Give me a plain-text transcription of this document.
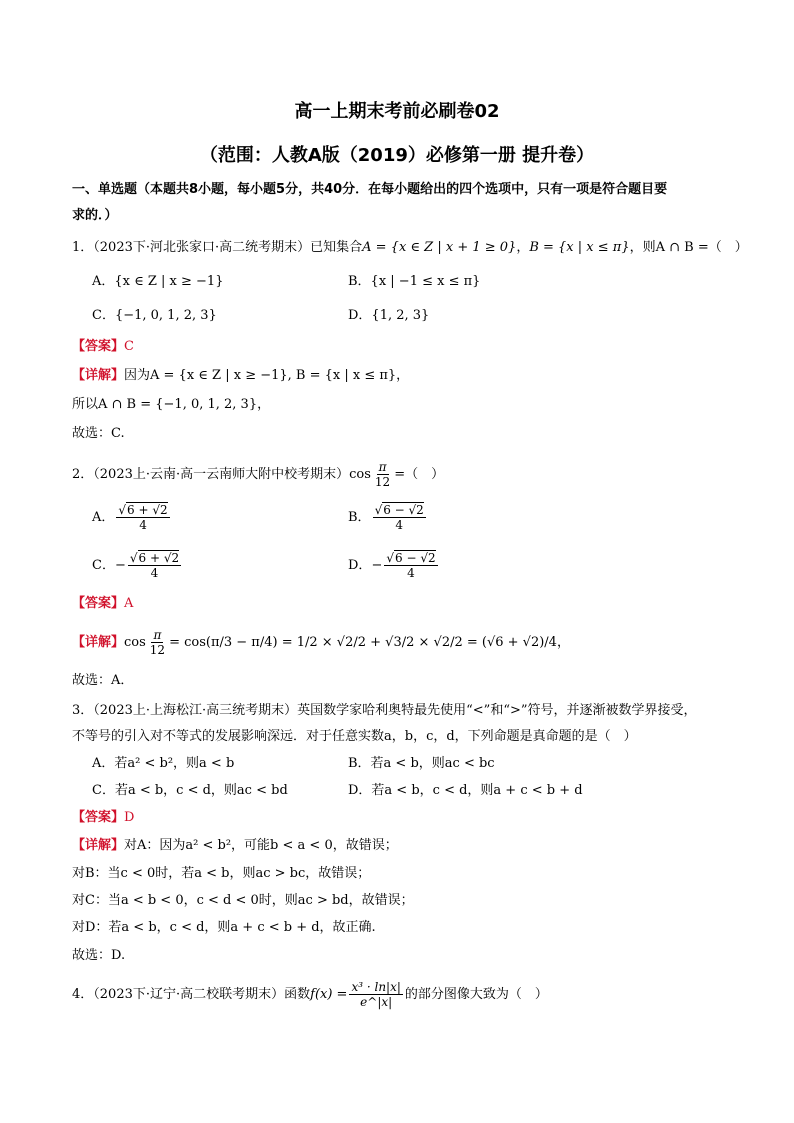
高一上期末考前必刷卷02
（范围：人教A版（2019）必修第一册 提升卷）
一、单选题（本题共8小题，每小题5分，共40分．在每小题给出的四个选项中，只有一项是符合题目要
求的．）
1．（2023下·河北张家口·高二统考期末）已知集合A = {x ∈ Z | x + 1 ≥ 0}，B = {x | x ≤ π}，则A ∩ B =（　）
A．{x ∈ Z | x ≥ −1}	B．{x | −1 ≤ x ≤ π}
C．{−1, 0, 1, 2, 3}	D．{1, 2, 3}
【答案】C
【详解】因为A = {x ∈ Z | x ≥ −1}, B = {x | x ≤ π}，
所以A ∩ B = {−1, 0, 1, 2, 3}，
故选：C.
2．（2023上·云南·高一云南师大附中校考期末）$\cos \frac{\pi}{12}$ =（　）
A． $\frac{√6 + √2}{4}$	B． $\frac{√6 - √2}{4}$
C．− $\frac{√6 + √2}{4}$	D．− $\frac{√6 - √2}{4}$
【答案】A
【详解】$\cos \frac{\pi}{12} = \cos(\pi/3 - \pi/4) = 1/2 \times √2/2 + √3/2 \times √2/2 = (√6 + √2)/4$，
故选：A．
3．（2023上·上海松江·高三统考期末）英国数学家哈利奥特最先使用“<”和“>”符号，并逐渐被数学界接受，
不等号的引入对不等式的发展影响深远．对于任意实数a，b，c，d，下列命题是真命题的是（　）
A．若a² < b²，则a < b	B．若a < b，则ac < bc
C．若a < b，c < d，则ac < bd	D．若a < b，c < d，则a + c < b + d
【答案】D
【详解】对A：因为a² < b²，可能b < a < 0，故错误；
对B：当c < 0时，若a < b，则ac > bc，故错误；
对C：当a < b < 0，c < d < 0时，则ac > bd，故错误；
对D：若a < b，c < d，则a + c < b + d，故正确.
故选：D.
4．（2023下·辽宁·高二校联考期末）函数$f(x) = \frac{\text{x³ · ln|x|}}{e\^{}|x|}$ 的部分图像大致为（　）
